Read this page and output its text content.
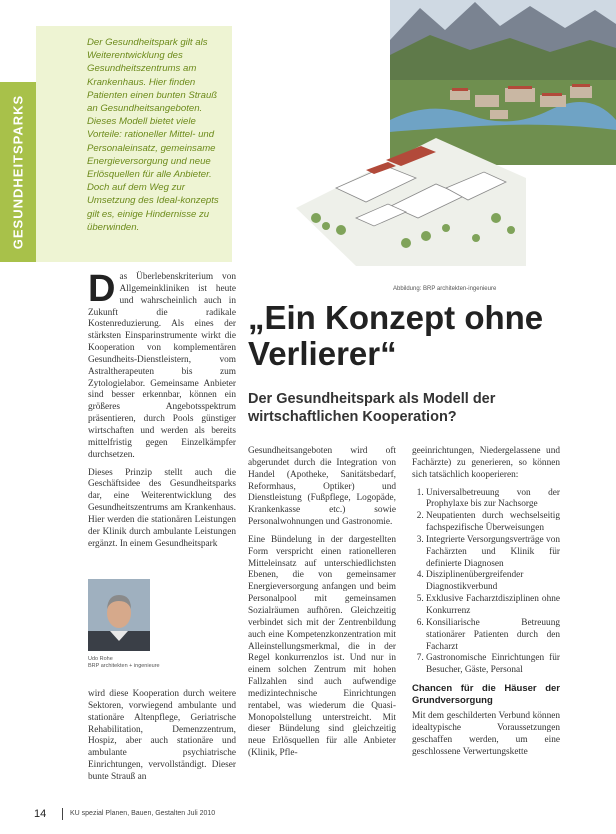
GESUNDHEITSPARKS

Der Gesundheitspark gilt als Weiterentwicklung des Gesundheitszentrums am Krankenhaus. Hier finden Patienten einen bunten Strauß an Gesundheitsangeboten. Dieses Modell bietet viele Vorteile: rationeller Mittel- und Personaleinsatz, gemeinsame Energieversorgung und neue Erlösquellen für alle Anbieter. Doch auf dem Weg zur Umsetzung des Ideal-konzepts gilt es, einige Hindernisse zu überwinden.

Abbildung: BRP architekten-ingenieure
„Ein Konzept ohne Verlierer“
Der Gesundheitspark als Modell der wirtschaftlichen Kooperation?

Das Überlebenskriterium von Allgemeinkliniken ist heute und wahrscheinlich auch in Zukunft die radikale Kostenreduzierung. Als eines der stärksten Einsparinstrumente wirkt die Kooperation von komplementären Gesundheits-Dienstleistern, vom Astraltherapeuten bis zum Zytologielabor. Gemeinsame Anbieter sind besser erkennbar, können ein größeres Angebotsspektrum präsentieren, durch Pools günstiger wirtschaften und werden als bereits mittelfristig gegen Einzelkämpfer durchsetzen.

Dieses Prinzip stellt auch die Geschäftsidee des Gesundheitsparks dar, eine Weiterentwicklung des Gesundheitszentrums am Krankenhaus. Hier werden die stationären Leistungen der Klinik durch ambulante Leistungen ergänzt. In einem Gesundheitspark

Udo Rohe
BRP architekten + ingenieure

wird diese Kooperation durch weitere Sektoren, vorwiegend ambulante und stationäre Altenpflege, Geriatrische Rehabilitation, Demenzzentrum, Hospiz, aber auch stationäre und ambulante psychiatrische Einrichtungen, vervollständigt. Dieser bunte Strauß an

Gesundheitsangeboten wird oft abgerundet durch die Integration von Handel (Apotheke, Sanitätsbedarf, Reformhaus, Optiker) und Dienstleistung (Fußpflege, Logopäde, Krankenkasse etc.) sowie Personalwohnungen und Gastronomie.

Eine Bündelung in der dargestellten Form verspricht einen rationelleren Mitteleinsatz auf unterschiedlichsten Ebenen, die von gemeinsamer Energieversorgung anfangen und beim Personalpool mit gemeinsamen Sozialräumen aufhören. Gleichzeitig verbindet sich mit der Zentrenbildung auch eine Kompetenzkonzentration mit Alleinstellungsmerkmal, die in der Regel konkurrenzlos ist. Und nur in einem solchen Zentrum mit hohen Fallzahlen sind auch aufwendige medizintechnische Einrichtungen rentabel, was wiederum die Quasi-Monopolstellung unterstreicht. Mit dieser Bündelung sind gleichzeitig neue Erlösquellen für alle Anbieter (Klinik, Pfle-

geeinrichtungen, Niedergelassene und Fachärzte) zu generieren, so können sich tatsächlich kooperieren:

1. Universalbetreuung von der Prophylaxe bis zur Nachsorge
2. Neupatienten durch wechselseitig fachspezifische Überweisungen
3. Integrierte Versorgungsverträge von Fachärzten und Klinik für definierte Diagnosen
4. Disziplinenübergreifender Diagnostikverbund
5. Exklusive Facharztdisziplinen ohne Konkurrenz
6. Konsiliarische Betreuung stationärer Patienten durch den Facharzt
7. Gastronomische Einrichtungen für Besucher, Gäste, Personal
Chancen für die Häuser der Grundversorgung

Mit dem geschilderten Verbund können idealtypische Voraussetzungen geschaffen werden, um eine geschlossene Verwertungskette

14	KU spezial Planen, Bauen, Gestalten Juli 2010
